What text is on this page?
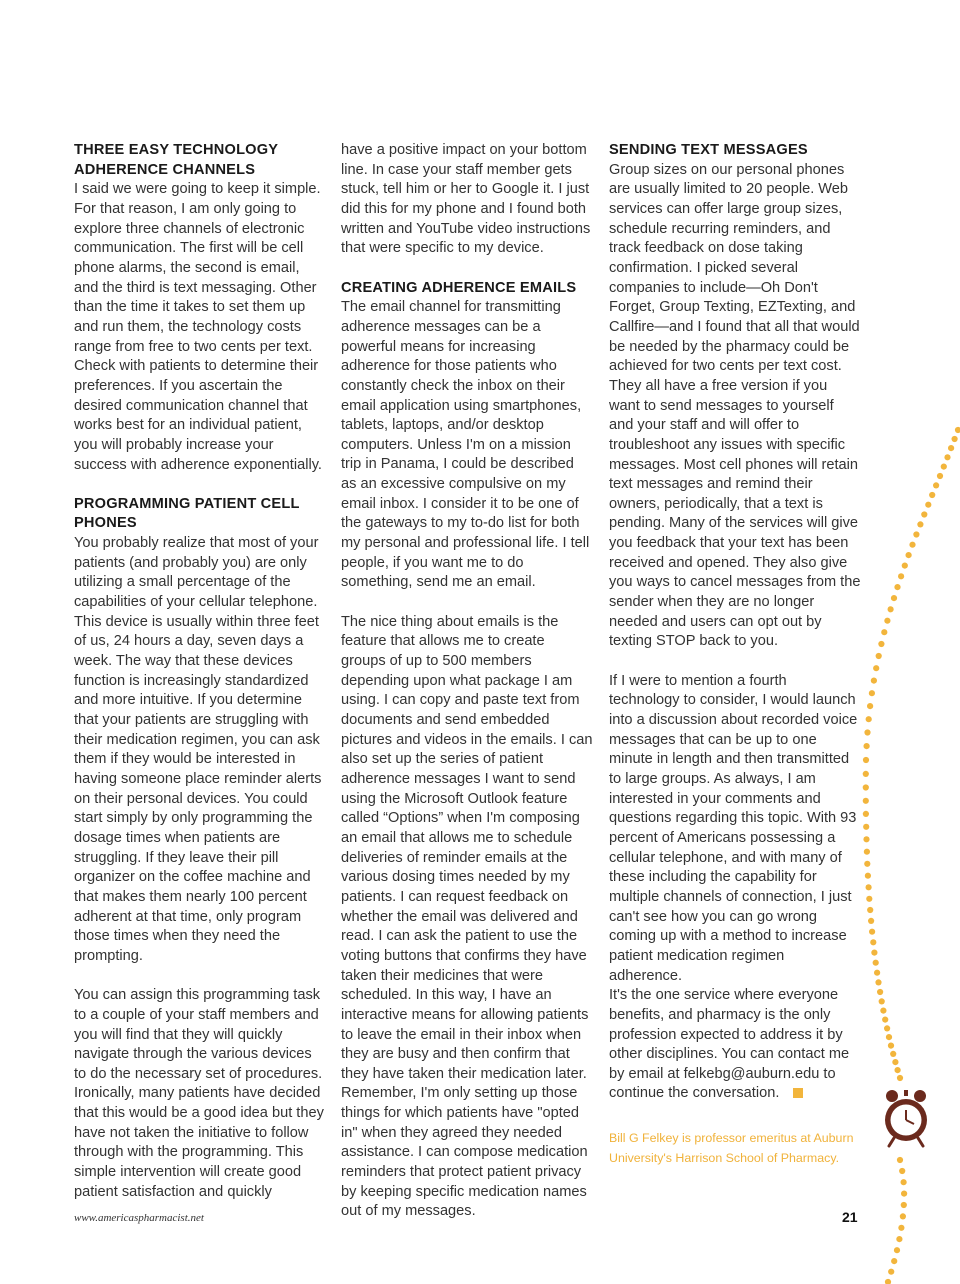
THREE EASY TECHNOLOGY ADHERENCE CHANNELS

I said we were going to keep it simple. For that reason, I am only going to explore three channels of electronic communication. The first will be cell phone alarms, the second is email, and the third is text messaging. Other than the time it takes to set them up and run them, the technology costs range from free to two cents per text. Check with patients to determine their preferences. If you ascertain the desired communication channel that works best for an individual patient, you will probably increase your success with adherence exponentially.

PROGRAMMING PATIENT CELL PHONES

You probably realize that most of your patients (and probably you) are only utilizing a small percentage of the capabilities of your cellular telephone. This device is usually within three feet of us, 24 hours a day, seven days a week. The way that these devices function is increasingly standardized and more intuitive. If you determine that your patients are struggling with their medication regimen, you can ask them if they would be interested in having someone place reminder alerts on their personal devices. You could start simply by only programming the dosage times when patients are struggling. If they leave their pill organizer on the coffee machine and that makes them nearly 100 percent adherent at that time, only program those times when they need the prompting.

You can assign this programming task to a couple of your staff members and you will find that they will quickly navigate through the various devices to do the necessary set of procedures. Ironically, many patients have decided that this would be a good idea but they have not taken the initiative to follow through with the programming. This simple intervention will create good patient satisfaction and quickly

have a positive impact on your bottom line. In case your staff member gets stuck, tell him or her to Google it. I just did this for my phone and I found both written and YouTube video instructions that were specific to my device.

CREATING ADHERENCE EMAILS

The email channel for transmitting adherence messages can be a powerful means for increasing adherence for those patients who constantly check the inbox on their email application using smartphones, tablets, laptops, and/or desktop computers. Unless I'm on a mission trip in Panama, I could be described as an excessive compulsive on my email inbox. I consider it to be one of the gateways to my to-do list for both my personal and professional life. I tell people, if you want me to do something, send me an email.

The nice thing about emails is the feature that allows me to create groups of up to 500 members depending upon what package I am using. I can copy and paste text from documents and send embedded pictures and videos in the emails. I can also set up the series of patient adherence messages I want to send using the Microsoft Outlook feature called “Options” when I'm composing an email that allows me to schedule deliveries of reminder emails at the various dosing times needed by my patients. I can request feedback on whether the email was delivered and read. I can ask the patient to use the voting buttons that confirms they have taken their medicines that were scheduled. In this way, I have an interactive means for allowing patients to leave the email in their inbox when they are busy and then confirm that they have taken their medication later. Remember, I'm only setting up those things for which patients have "opted in" when they agreed they needed assistance. I can compose medication reminders that protect patient privacy by keeping specific medication names out of my messages.

SENDING TEXT MESSAGES

Group sizes on our personal phones are usually limited to 20 people. Web services can offer large group sizes, schedule recurring reminders, and track feedback on dose taking confirmation. I picked several companies to include—Oh Don't Forget, Group Texting, EZTexting, and Callfire—and I found that all that would be needed by the pharmacy could be achieved for two cents per text cost. They all have a free version if you want to send messages to yourself and your staff and will offer to troubleshoot any issues with specific messages. Most cell phones will retain text messages and remind their owners, periodically, that a text is pending. Many of the services will give you feedback that your text has been received and opened. They also give you ways to cancel messages from the sender when they are no longer needed and users can opt out by texting STOP back to you.

If I were to mention a fourth technology to consider, I would launch into a discussion about recorded voice messages that can be up to one minute in length and then transmitted to large groups. As always, I am interested in your comments and questions regarding this topic. With 93 percent of Americans possessing a cellular telephone, and with many of these including the capability for multiple channels of connection, I just can't see how you can go wrong coming up with a method to increase patient medication regimen adherence.

It's the one service where everyone benefits, and pharmacy is the only profession expected to address it by other disciplines. You can contact me by email at felkebg@auburn.edu to continue the conversation.

Bill G Felkey is professor emeritus at Auburn University's Harrison School of Pharmacy.
www.americaspharmacist.net	21
